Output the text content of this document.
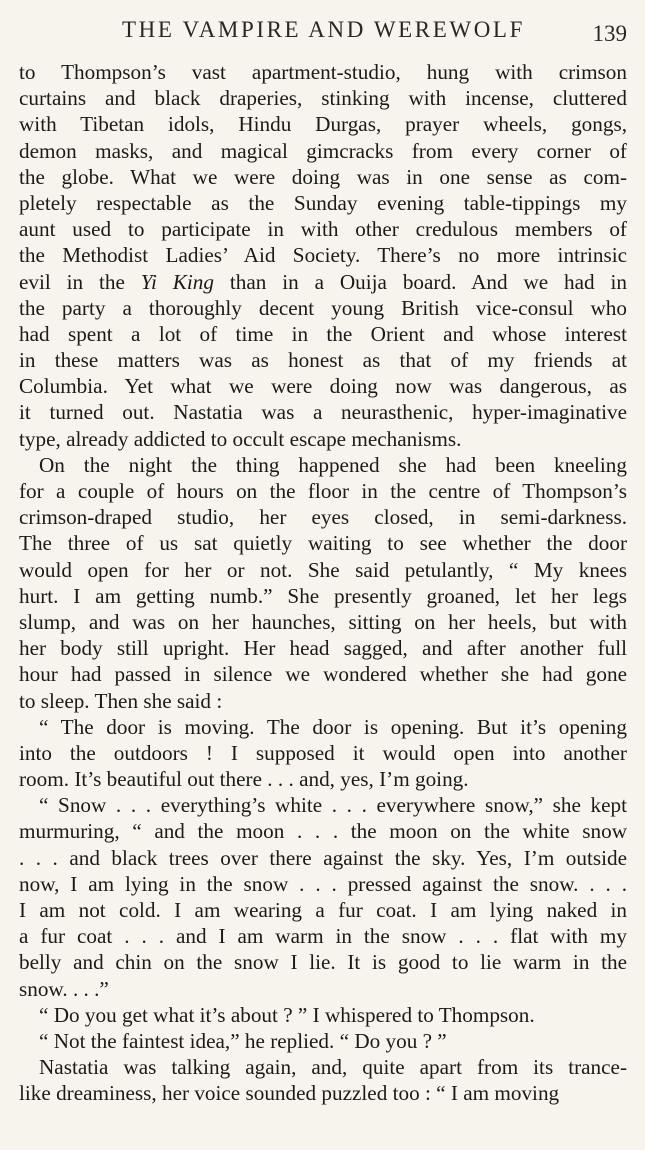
THE VAMPIRE AND WEREWOLF	139
to Thompson’s vast apartment-studio, hung with crimson
curtains and black draperies, stinking with incense, cluttered
with Tibetan idols, Hindu Durgas, prayer wheels, gongs,
demon masks, and magical gimcracks from every corner of
the globe. What we were doing was in one sense as com-
pletely respectable as the Sunday evening table-tippings my
aunt used to participate in with other credulous members of
the Methodist Ladies’ Aid Society. There’s no more intrinsic
evil in the Yi King than in a Ouija board. And we had in
the party a thoroughly decent young British vice-consul who
had spent a lot of time in the Orient and whose interest
in these matters was as honest as that of my friends at
Columbia. Yet what we were doing now was dangerous, as
it turned out. Nastatia was a neurasthenic, hyper-imaginative
type, already addicted to occult escape mechanisms.
On the night the thing happened she had been kneeling
for a couple of hours on the floor in the centre of Thompson’s
crimson-draped studio, her eyes closed, in semi-darkness.
The three of us sat quietly waiting to see whether the door
would open for her or not. She said petulantly, “ My knees
hurt. I am getting numb.” She presently groaned, let her legs
slump, and was on her haunches, sitting on her heels, but with
her body still upright. Her head sagged, and after another full
hour had passed in silence we wondered whether she had gone
to sleep. Then she said :
“ The door is moving. The door is opening. But it’s opening
into the outdoors ! I supposed it would open into another
room. It’s beautiful out there . . . and, yes, I’m going.
“ Snow . . . everything’s white . . . everywhere snow,” she kept
murmuring, “ and the moon . . . the moon on the white snow
. . . and black trees over there against the sky. Yes, I’m outside
now, I am lying in the snow . . . pressed against the snow. . . .
I am not cold. I am wearing a fur coat. I am lying naked in
a fur coat . . . and I am warm in the snow . . . flat with my
belly and chin on the snow I lie. It is good to lie warm in the
snow. . . .”
“ Do you get what it’s about ? ” I whispered to Thompson.
“ Not the faintest idea,” he replied. “ Do you ? ”
Nastatia was talking again, and, quite apart from its trance-
like dreaminess, her voice sounded puzzled too : “ I am moving
